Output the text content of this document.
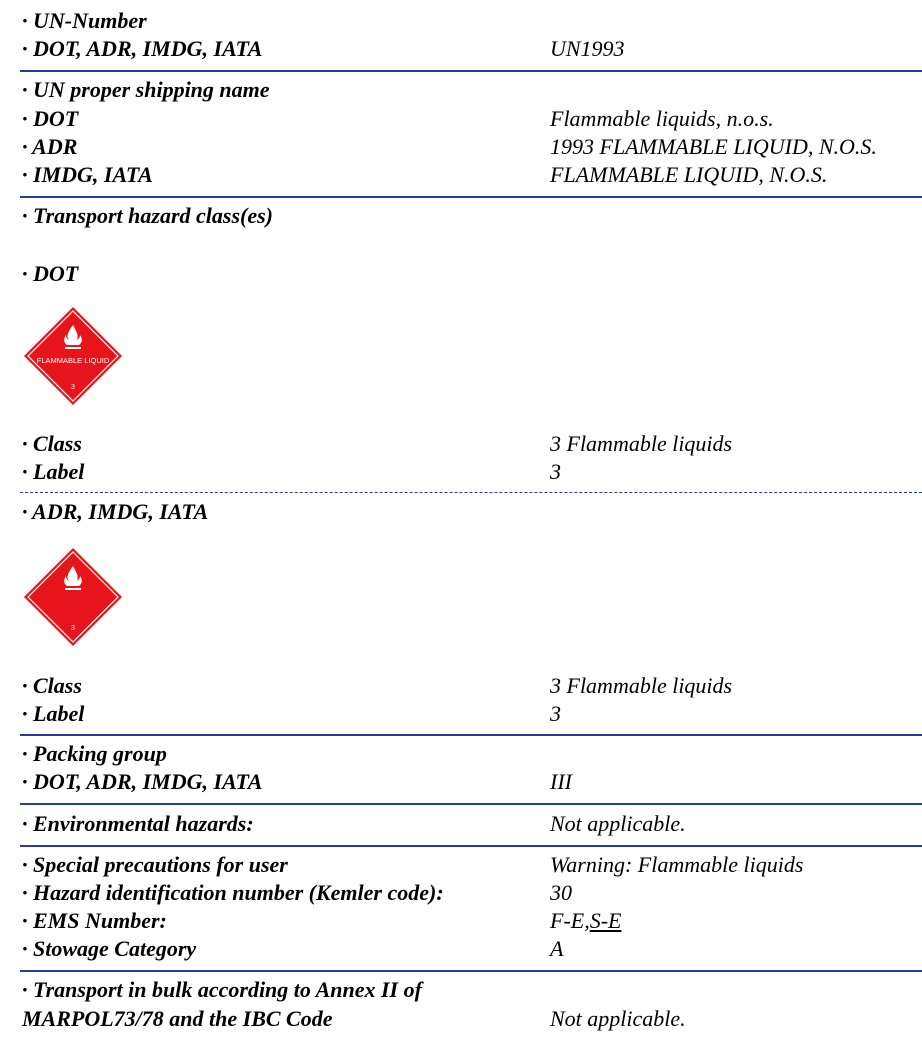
· UN-Number
· DOT, ADR, IMDG, IATA	UN1993
· UN proper shipping name
· DOT	Flammable liquids, n.o.s.
· ADR	1993 FLAMMABLE LIQUID, N.O.S.
· IMDG, IATA	FLAMMABLE LIQUID, N.O.S.
· Transport hazard class(es)
· DOT
FLAMMABLE LIQUID
3
· Class	3 Flammable liquids
· Label	3
· ADR, IMDG, IATA
3
· Class	3 Flammable liquids
· Label	3
· Packing group
· DOT, ADR, IMDG, IATA	III
· Environmental hazards:	Not applicable.
· Special precautions for user	Warning: Flammable liquids
· Hazard identification number (Kemler code):	30
· EMS Number:	F-E,S-E
· Stowage Category	A
· Transport in bulk according to Annex II of
MARPOL73/78 and the IBC Code	Not applicable.
